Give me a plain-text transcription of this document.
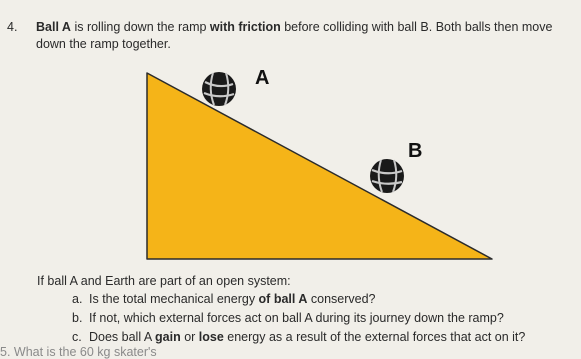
4. Ball A is rolling down the ramp with friction before colliding with ball B. Both balls then move
down the ramp together.
A
B
If ball A and Earth are part of an open system:
a. Is the total mechanical energy of ball A conserved?
b. If not, which external forces act on ball A during its journey down the ramp?
c. Does ball A gain or lose energy as a result of the external forces that act on it?
5. What is the 60 kg skater's
